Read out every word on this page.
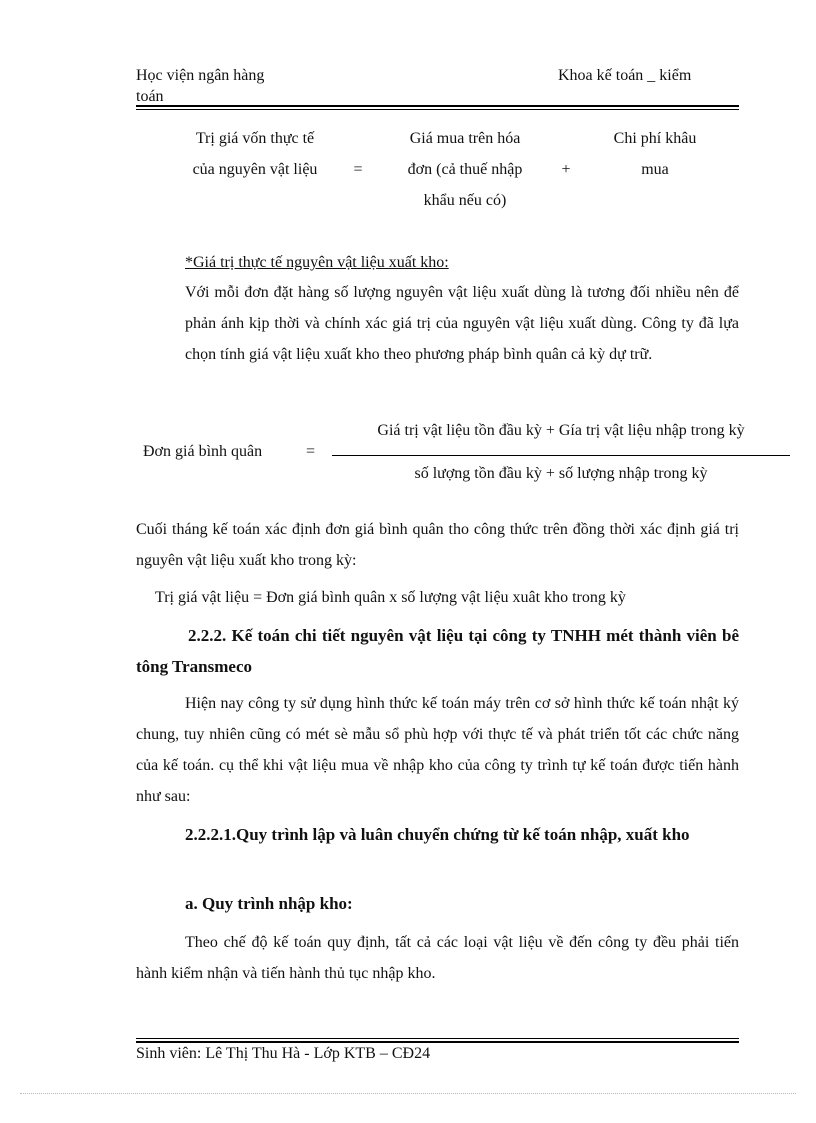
Học viện ngân hàng
toán
Khoa kế toán _ kiểm
Trị giá vốn thực tế
của nguyên vật liệu	=
Giá mua trên hóa
đơn (cả thuế nhập
khẩu nếu có)
+
Chi phí khâu
mua
*Giá trị thực tế nguyên vật liệu xuất kho:
Với mỗi đơn đặt hàng số lượng nguyên vật liệu xuất dùng là tương đối nhiều nên để phản ánh kịp thời và chính xác giá trị của nguyên vật liệu xuất dùng. Công ty đã lựa chọn tính giá vật liệu xuất kho theo phương pháp bình quân cả kỳ dự trữ.
Đơn giá bình quân	=
Giá trị vật liệu tồn đầu kỳ + Gía trị vật liệu nhập trong kỳ
số lượng tồn đầu kỳ + số lượng nhập trong kỳ
Cuối tháng kế toán xác định đơn giá bình quân tho công thức trên đồng thời xác định giá trị nguyên vật liệu xuất kho trong kỳ:
Trị giá vật liệu = Đơn giá bình quân x số lượng vật liệu xuât kho trong kỳ
2.2.2. Kế toán chi tiết nguyên vật liệu tại công ty TNHH mét thành viên bê tông Transmeco
Hiện nay công ty sử dụng hình thức kế toán máy trên cơ sở hình thức kế toán nhật ký chung, tuy nhiên cũng có mét sè mẫu sổ phù hợp với thực tế và phát triển tốt các chức năng của kế toán. cụ thể khi vật liệu mua về nhập kho của công ty trình tự kế toán được tiến hành như sau:
2.2.2.1.Quy trình lập và luân chuyển chứng từ kế toán nhập, xuất kho
a. Quy trình nhập kho:
Theo chế độ kế toán quy định, tất cả các loại vật liệu về đến công ty đều phải tiến hành kiểm nhận và tiến hành thủ tục nhập kho.
Sinh viên: Lê Thị Thu Hà - Lớp KTB – CĐ24
